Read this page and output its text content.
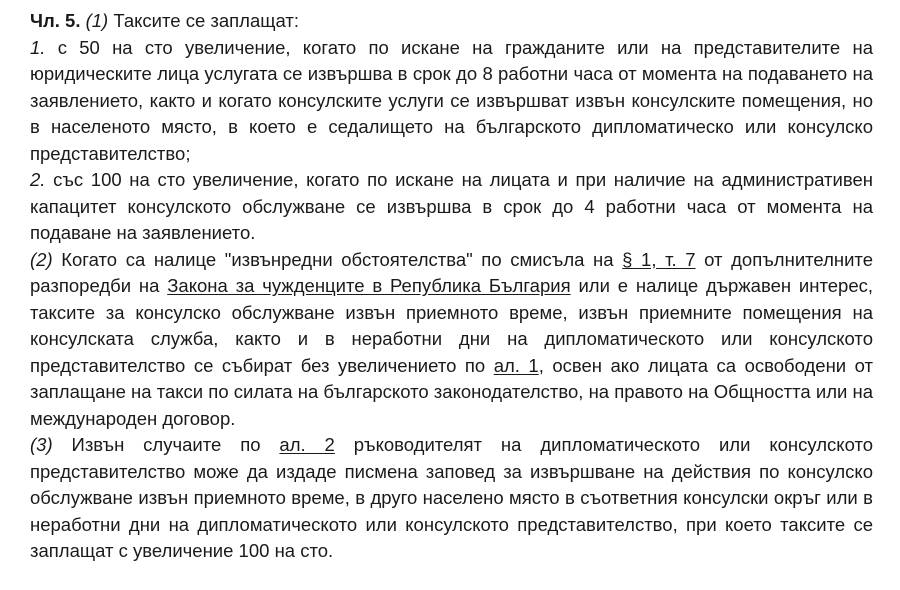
Чл. 5. (1) Таксите се заплащат:

1. с 50 на сто увеличение, когато по искане на гражданите или на представителите на юридическите лица услугата се извършва в срок до 8 работни часа от момента на подаването на заявлението, както и когато консулските услуги се извършват извън консулските помещения, но в населеното място, в което е седалището на българското дипломатическо или консулско представителство;

2. със 100 на сто увеличение, когато по искане на лицата и при наличие на административен капацитет консулското обслужване се извършва в срок до 4 работни часа от момента на подаване на заявлението.

(2) Когато са налице "извънредни обстоятелства" по смисъла на § 1, т. 7 от допълнителните разпоредби на Закона за чужденците в Република България или е налице държавен интерес, таксите за консулско обслужване извън приемното време, извън приемните помещения на консулската служба, както и в неработни дни на дипломатическото или консулското представителство се събират без увеличението по ал. 1, освен ако лицата са освободени от заплащане на такси по силата на българското законодателство, на правото на Общността или на международен договор.

(3) Извън случаите по ал. 2 ръководителят на дипломатическото или консулското представителство може да издаде писмена заповед за извършване на действия по консулско обслужване извън приемното време, в друго населено място в съответния консулски окръг или в неработни дни на дипломатическото или консулското представителство, при което таксите се заплащат с увеличение 100 на сто.
